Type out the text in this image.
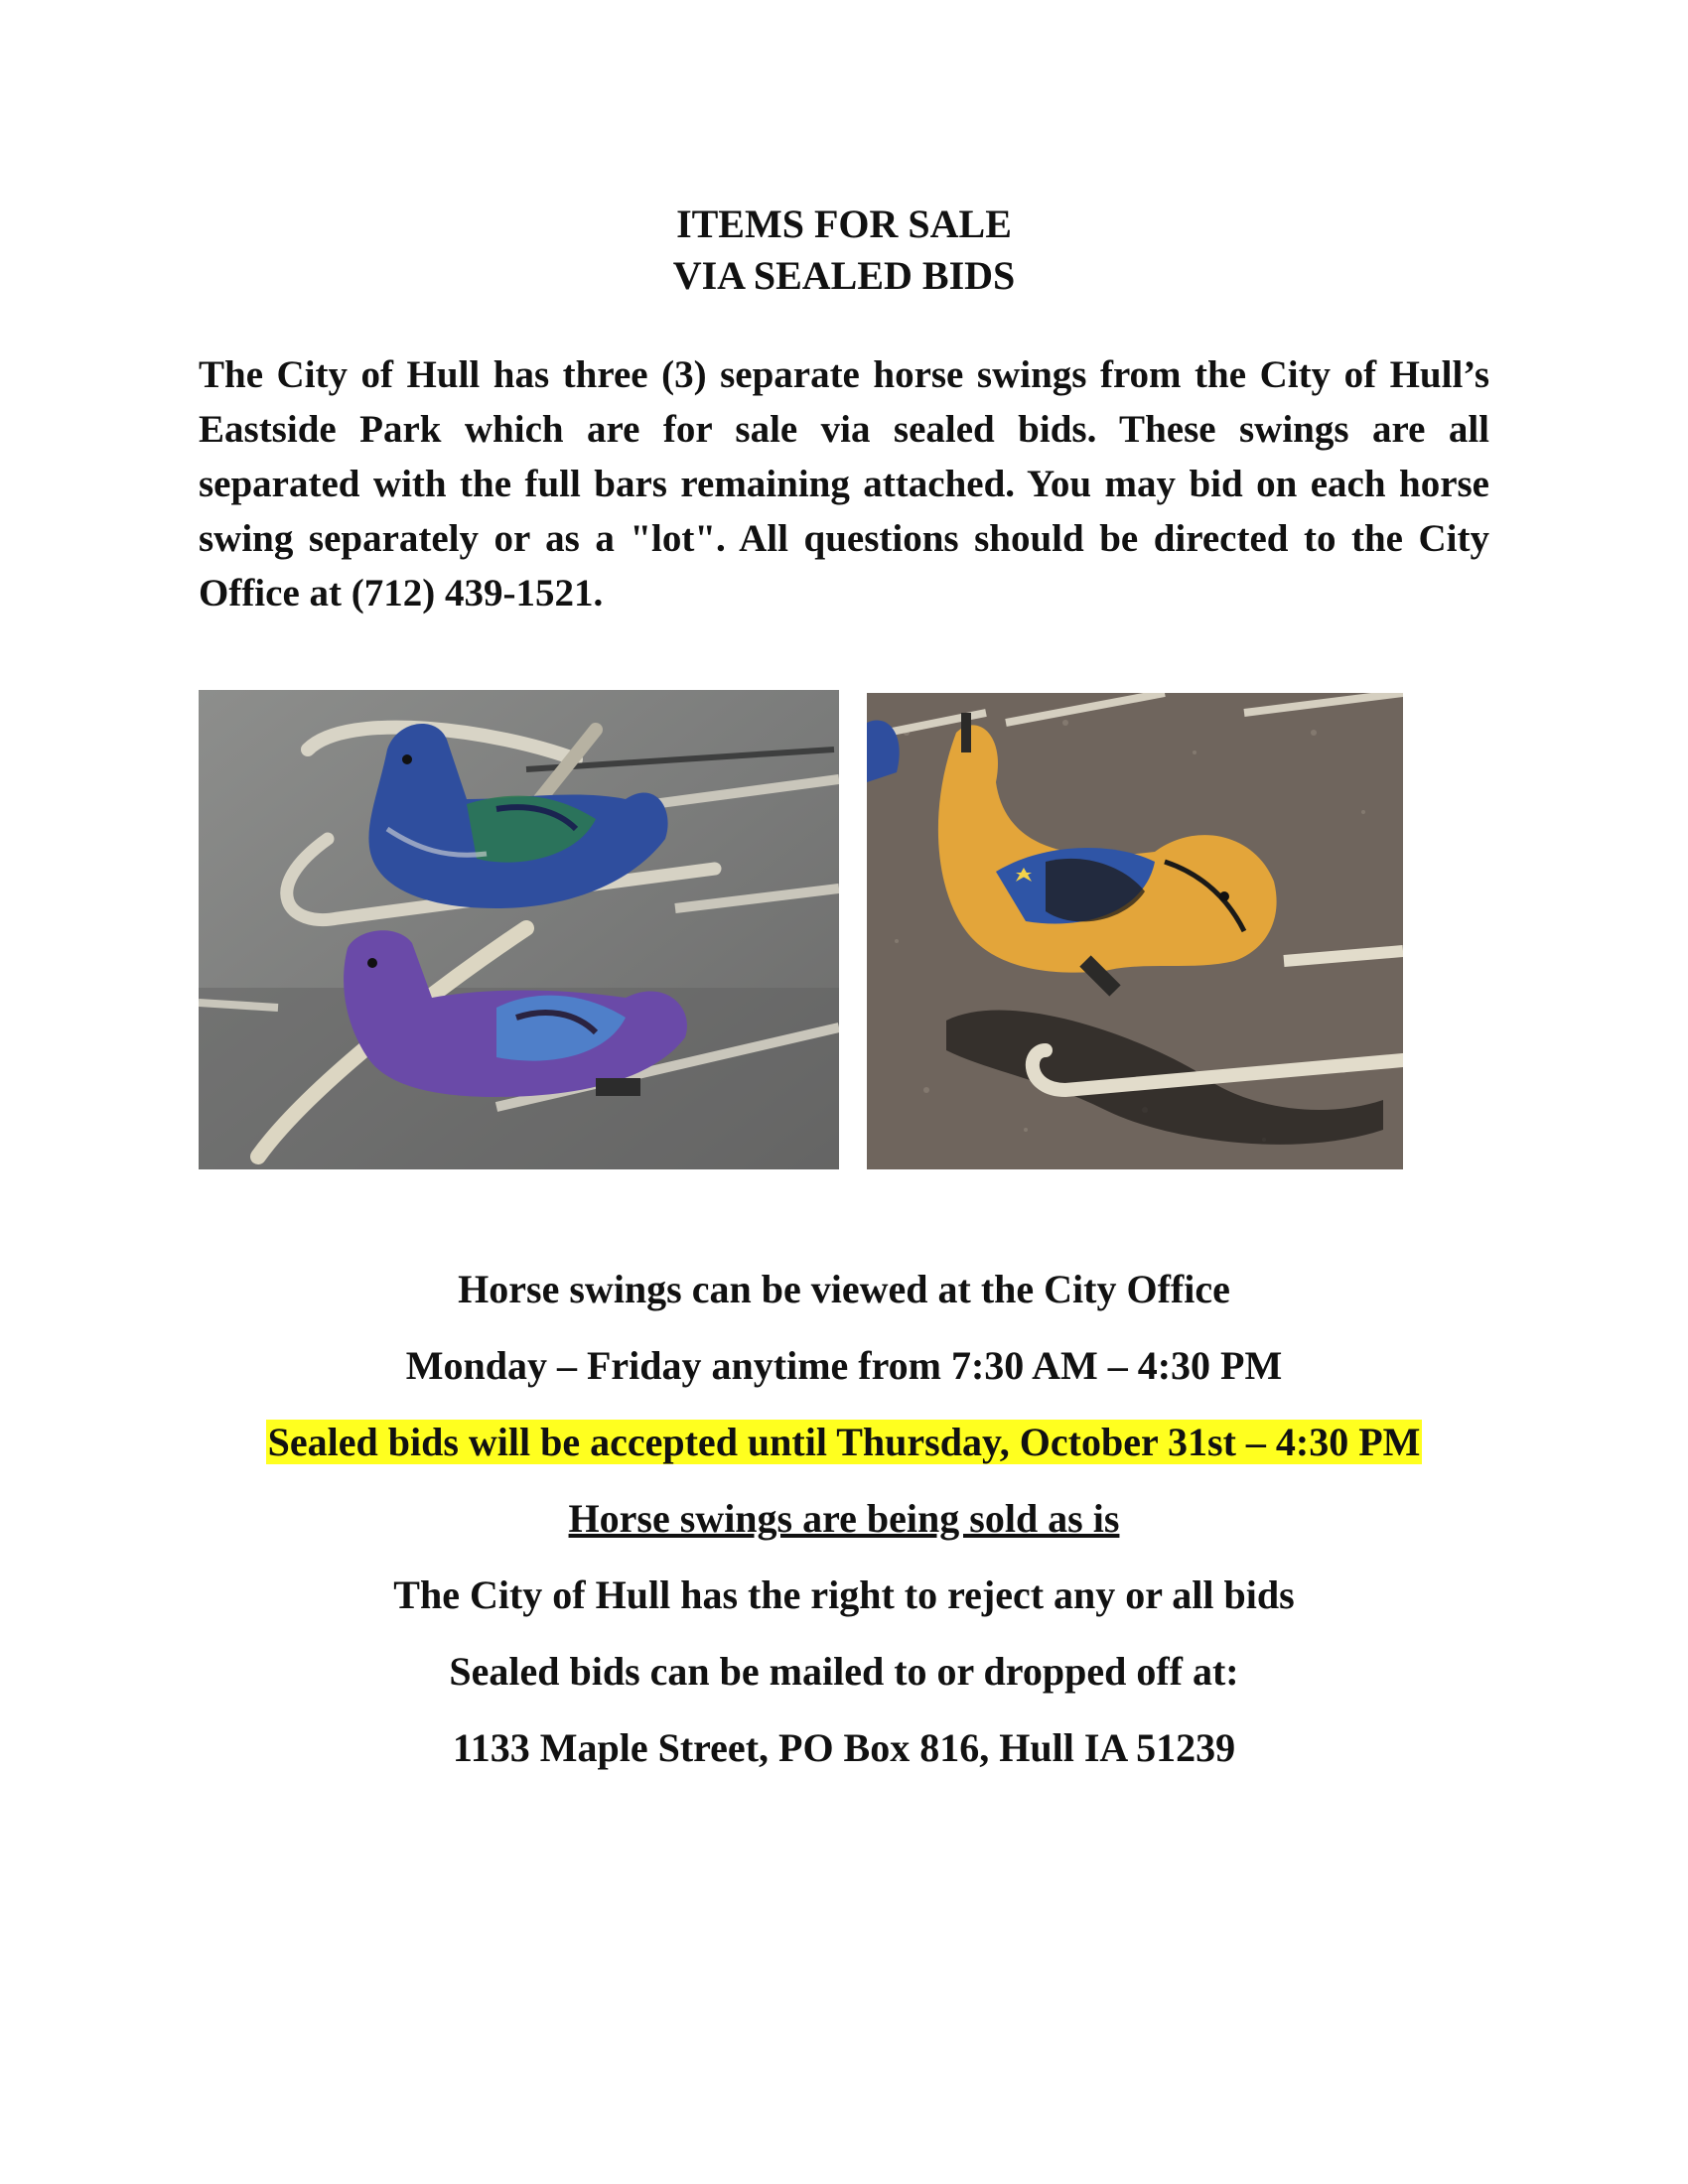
ITEMS FOR SALE
VIA SEALED BIDS
The City of Hull has three (3) separate horse swings from the City of Hull’s Eastside Park which are for sale via sealed bids. These swings are all separated with the full bars remaining attached. You may bid on each horse swing separately or as a "lot". All questions should be directed to the City Office at (712) 439-1521.
Horse swings can be viewed at the City Office
Monday – Friday anytime from 7:30 AM – 4:30 PM
Sealed bids will be accepted until Thursday, October 31st – 4:30 PM
Horse swings are being sold as is
The City of Hull has the right to reject any or all bids
Sealed bids can be mailed to or dropped off at:
1133 Maple Street, PO Box 816, Hull IA 51239
